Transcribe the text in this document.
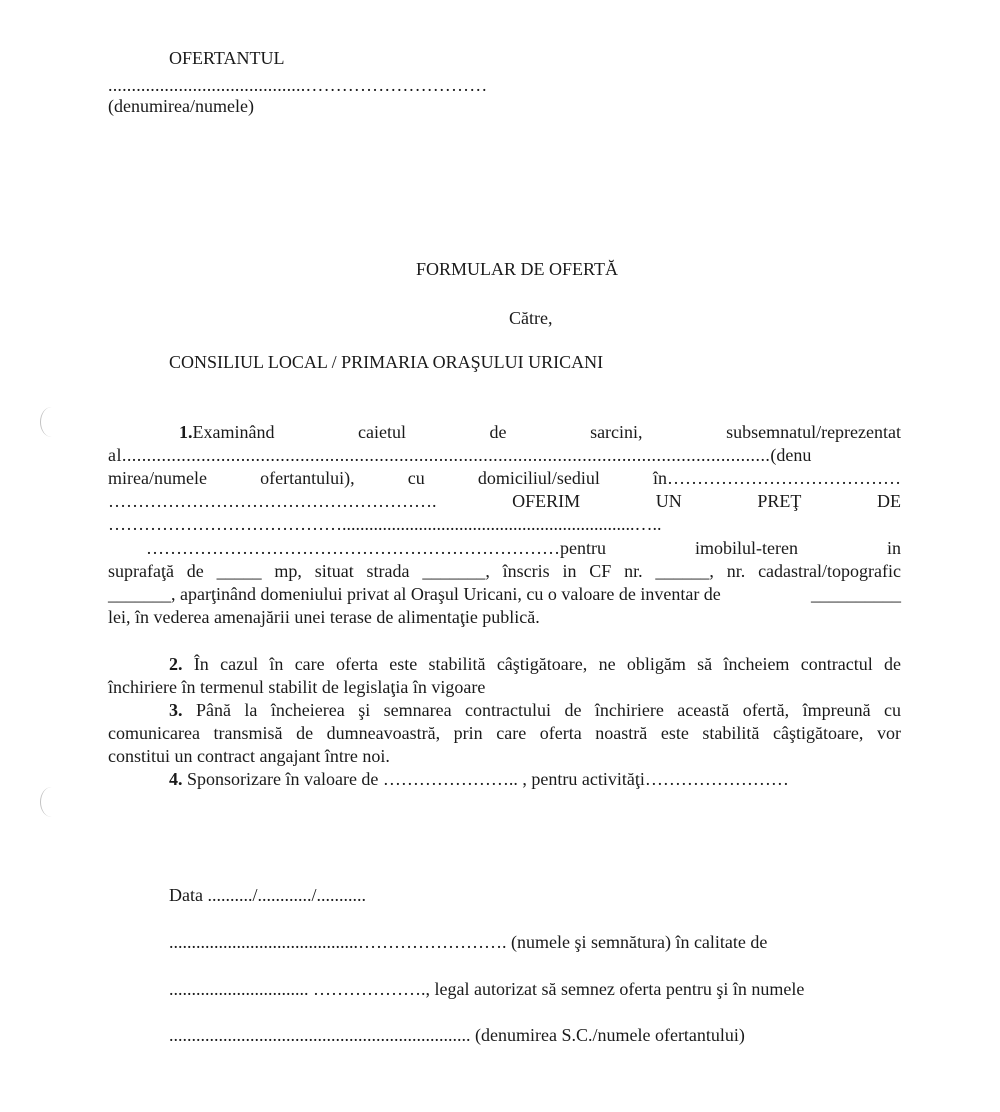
OFERTANTUL
..........................................…………………………
(denumirea/numele)
FORMULAR DE OFERTĂ
Către,
CONSILIUL LOCAL / PRIMARIA ORAŞULUI URICANI
1.Examinând	caietul	de	sarcini,	subsemnatul/reprezentat
al...................................................................................................................................(denu
mirea/numele	ofertantului),	cu	domiciliul/sediul	în…………………………………
……………………………………………….	OFERIM	UN	PREŢ	DE
………………………………….................................................................…..
……………………………………………………………pentru	imobilul-teren	in
suprafaţă de _____ mp, situat strada _______, înscris in CF nr. ______, nr. cadastral/topografic
_______, aparţinând domeniului privat al Oraşul Uricani, cu o valoare de inventar de	__________
lei, în vederea amenajării unei terase de alimentaţie publică.
2. În cazul în care oferta este stabilită câştigătoare, ne obligăm să încheiem contractul de
închiriere în termenul stabilit de legislaţia în vigoare
3. Până la încheierea şi semnarea contractului de închiriere această ofertă, împreună cu
comunicarea transmisă de dumneavoastră, prin care oferta noastră este stabilită câştigătoare, vor
constitui un contract angajant între noi.
4. Sponsorizare în valoare de ………………….. , pentru activităţi……………………
Data ........../............/...........
..........................................……………………. (numele şi semnătura) în calitate de
............................... ………………., legal autorizat să semnez oferta pentru şi în numele
................................................................... (denumirea S.C./numele ofertantului)
